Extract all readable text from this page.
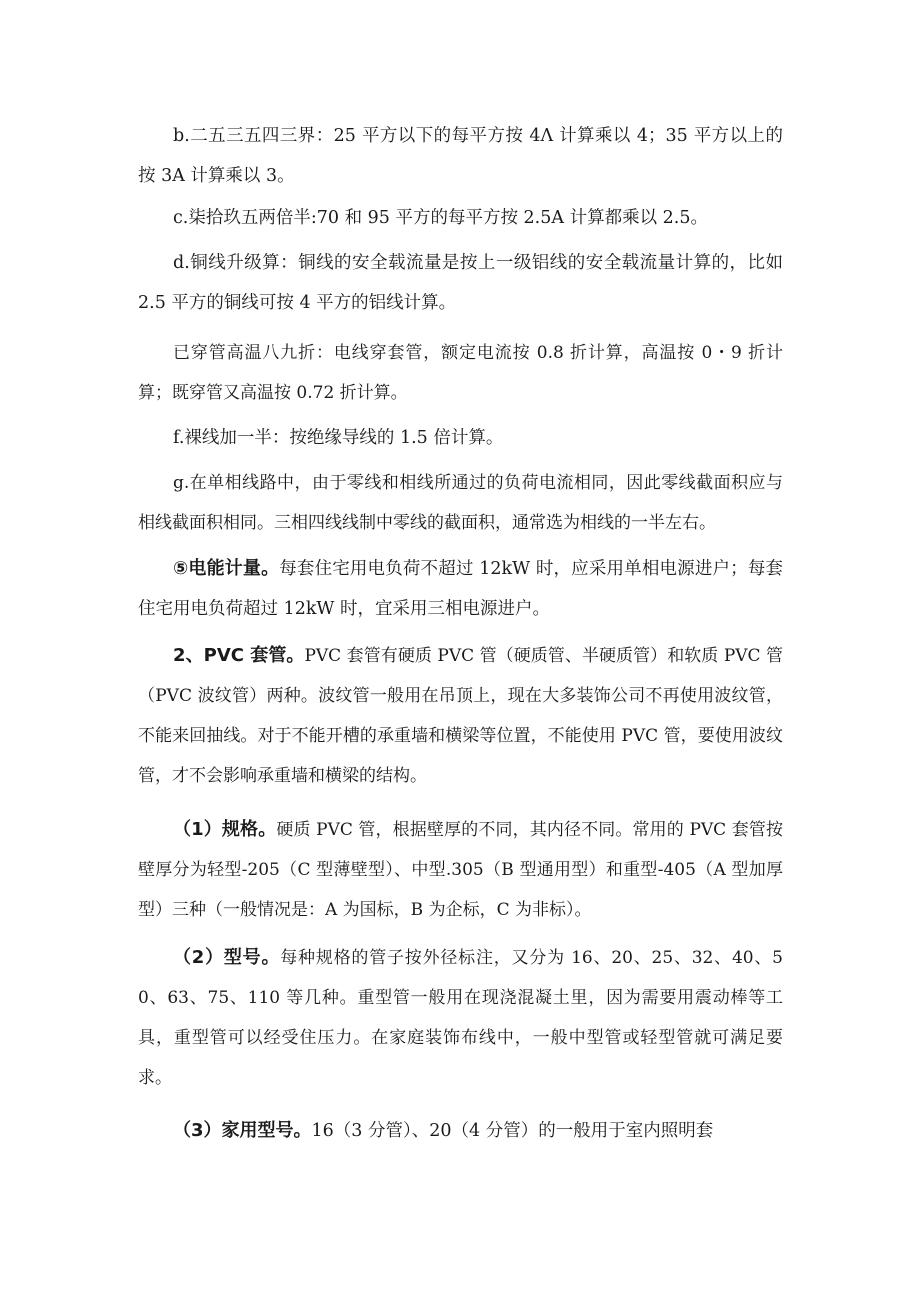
b.二五三五四三界：25 平方以下的每平方按 4Λ 计算乘以 4；35 平方以上的按 3A 计算乘以 3。

c.柒拾玖五两倍半:70 和 95 平方的每平方按 2.5A 计算都乘以 2.5。

d.铜线升级算：铜线的安全载流量是按上一级铝线的安全载流量计算的，比如 2.5 平方的铜线可按 4 平方的铝线计算。

已穿管高温八九折：电线穿套管，额定电流按 0.8 折计算，高温按 0・9 折计算；既穿管又高温按 0.72 折计算。

f.裸线加一半：按绝缘导线的 1.5 倍计算。

g.在单相线路中，由于零线和相线所通过的负荷电流相同，因此零线截面积应与相线截面积相同。三相四线线制中零线的截面积，通常选为相线的一半左右。

⑤电能计量。每套住宅用电负荷不超过 12kW 时，应采用单相电源进户；每套住宅用电负荷超过 12kW 时，宜采用三相电源进户。

2、PVC 套管。PVC 套管有硬质 PVC 管（硬质管、半硬质管）和软质 PVC 管（PVC 波纹管）两种。波纹管一般用在吊顶上，现在大多装饰公司不再使用波纹管，不能来回抽线。对于不能开槽的承重墙和横梁等位置，不能使用 PVC 管，要使用波纹管，才不会影响承重墙和横梁的结构。

（1）规格。硬质 PVC 管，根据壁厚的不同，其内径不同。常用的 PVC 套管按壁厚分为轻型-205（C 型薄壁型）、中型.305（B 型通用型）和重型-405（A 型加厚型）三种（一般情况是：A 为国标，B 为企标，C 为非标）。

（2）型号。每种规格的管子按外径标注，又分为 16、20、25、32、40、50、63、75、110 等几种。重型管一般用在现浇混凝土里，因为需要用震动棒等工具，重型管可以经受住压力。在家庭装饰布线中，一般中型管或轻型管就可满足要求。

（3）家用型号。16（3 分管）、20（4 分管）的一般用于室内照明套
